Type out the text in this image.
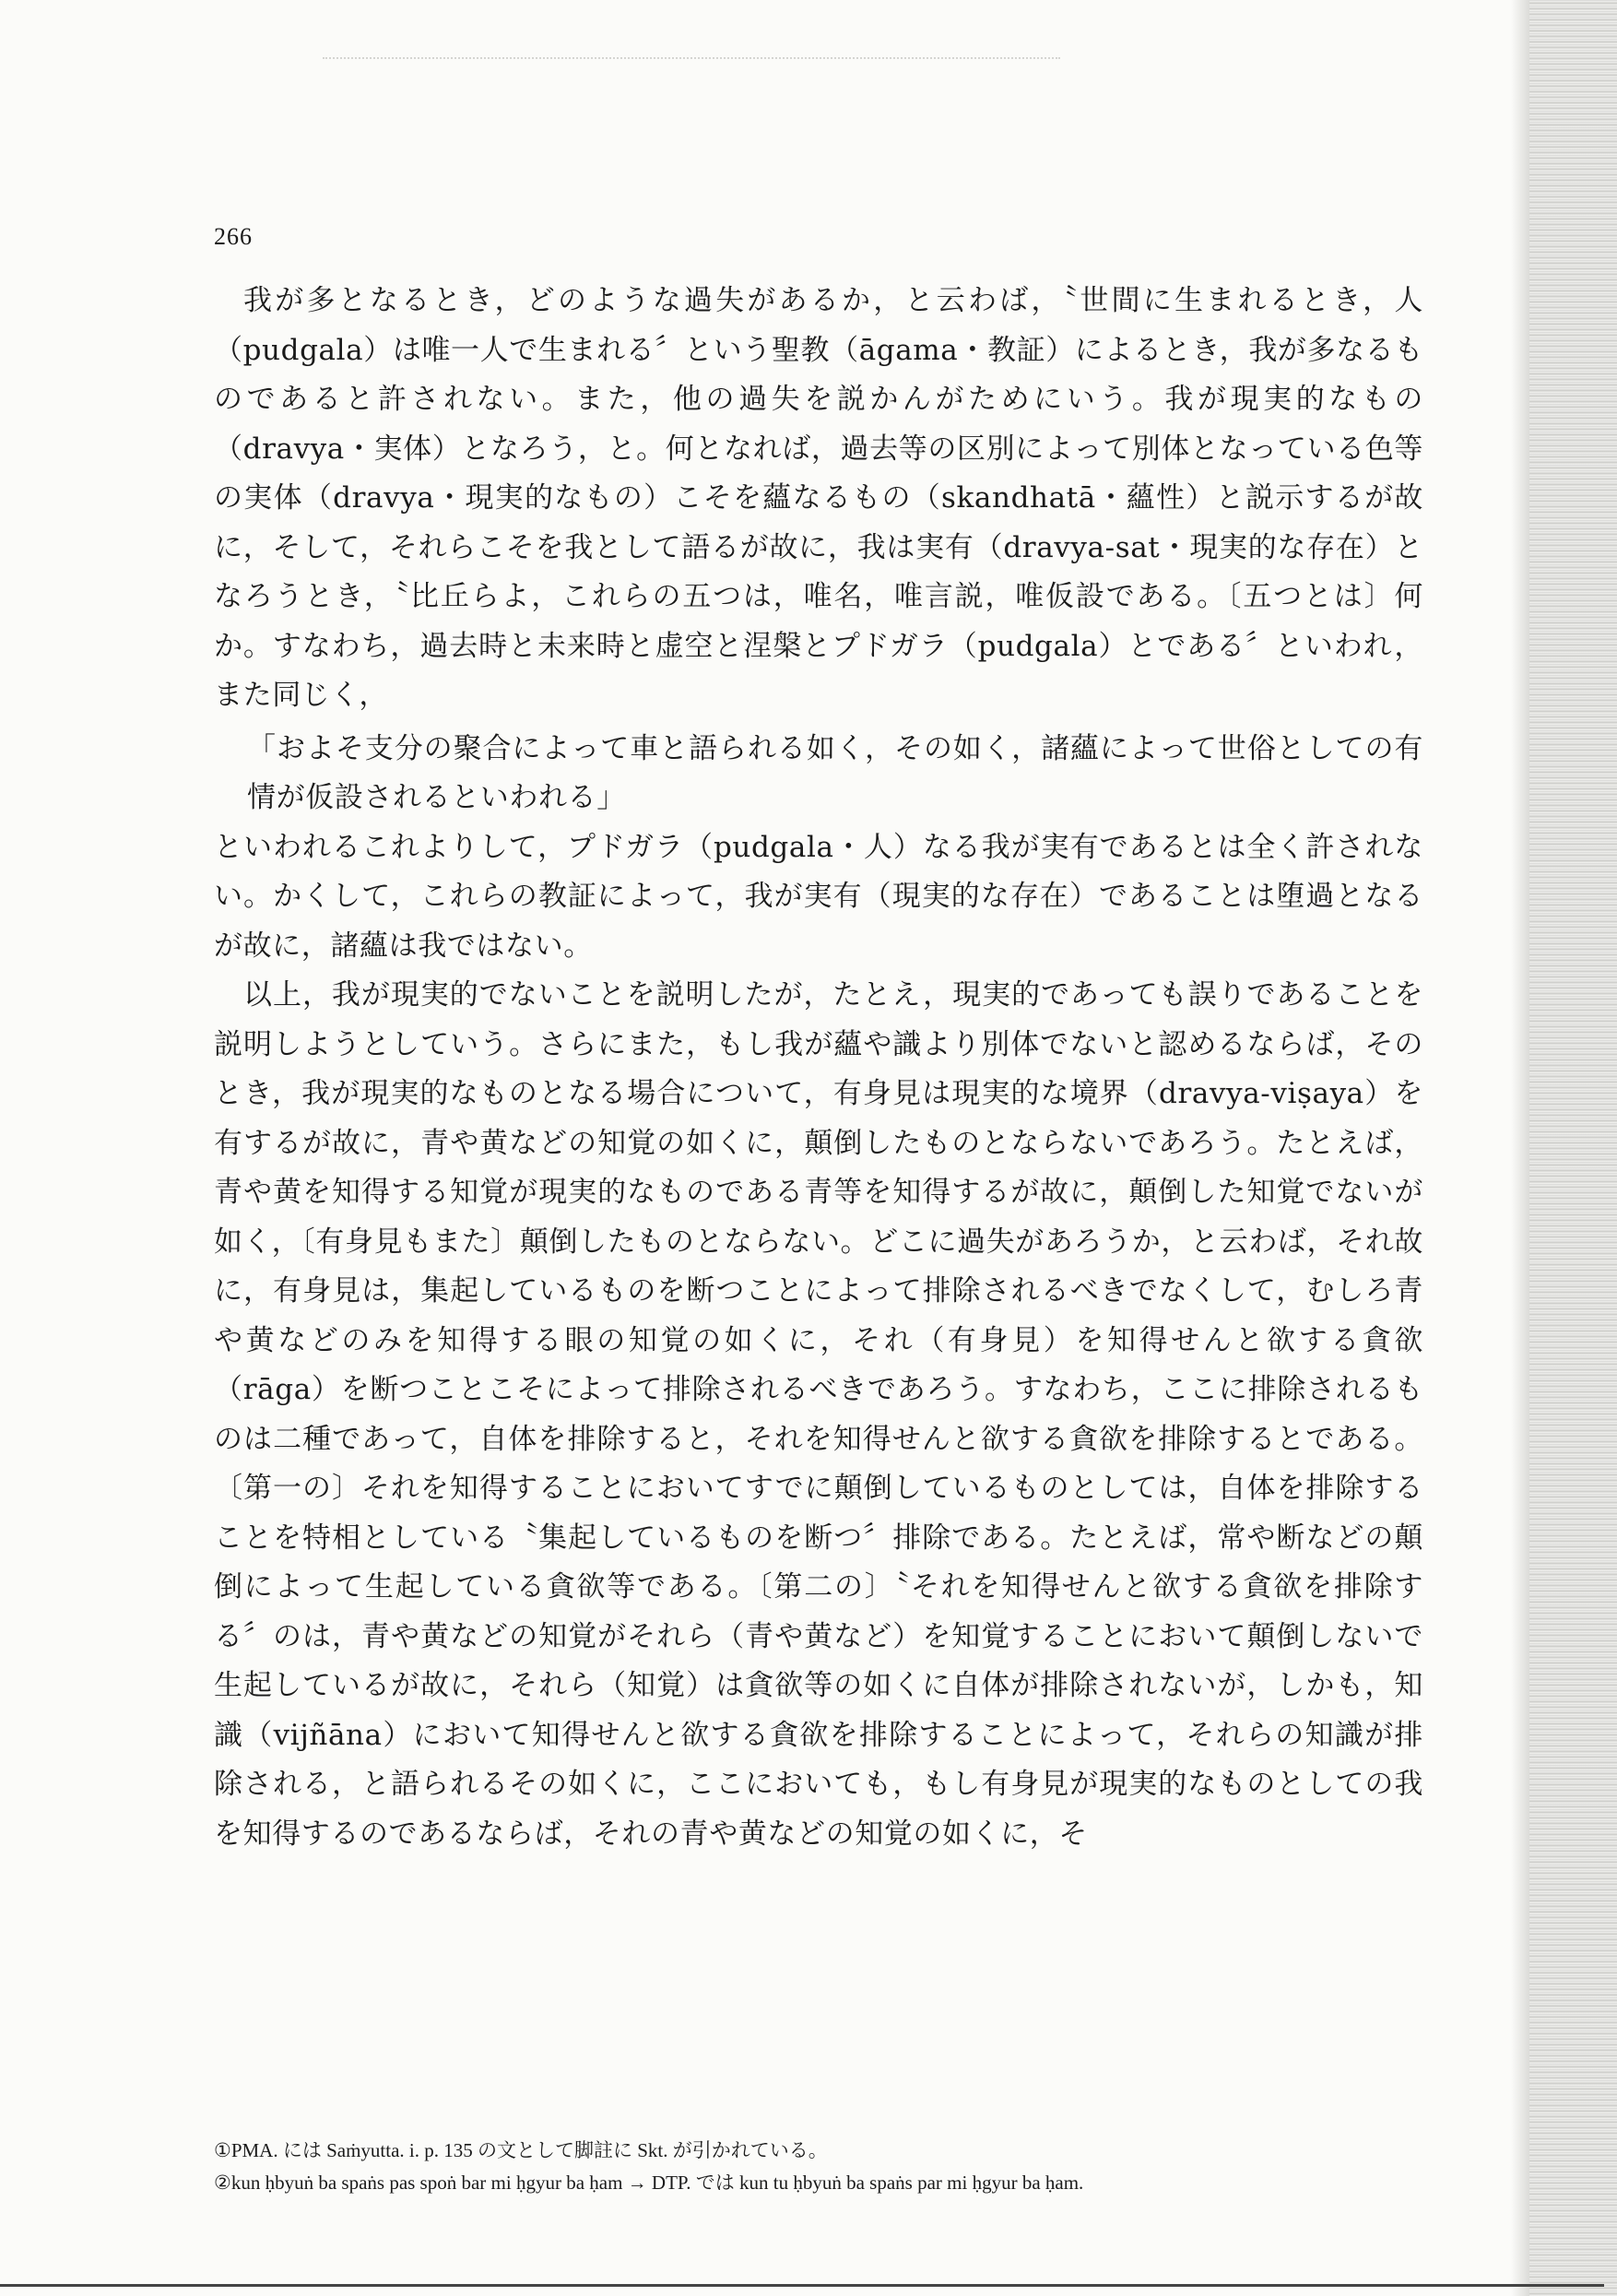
266

我が多となるとき，どのような過失があるか，と云わば，〝世間に生まれるとき，人（pudgala）は唯一人で生まれる〞という聖教（āgama・教証）によるとき，我が多なるものであると許されない。また，他の過失を説かんがためにいう。我が現実的なもの（dravya・実体）となろう，と。何となれば，過去等の区別によって別体となっている色等の実体（dravya・現実的なもの）こそを蘊なるもの（skandhatā・蘊性）と説示するが故に，そして，それらこそを我として語るが故に，我は実有（dravya-sat・現実的な存在）となろうとき，〝比丘らよ，これらの五つは，唯名，唯言説，唯仮設である。〔五つとは〕何か。すなわち，過去時と未来時と虚空と涅槃とプドガラ（pudgala）とである〞といわれ，また同じく，

「およそ支分の聚合によって車と語られる如く，その如く，諸蘊によって世俗としての有情が仮設されるといわれる」

といわれるこれよりして，プドガラ（pudgala・人）なる我が実有であるとは全く許されない。かくして，これらの教証によって，我が実有（現実的な存在）であることは堕過となるが故に，諸蘊は我ではない。

以上，我が現実的でないことを説明したが，たとえ，現実的であっても誤りであることを説明しようとしていう。さらにまた，もし我が蘊や識より別体でないと認めるならば，そのとき，我が現実的なものとなる場合について，有身見は現実的な境界（dravya-viṣaya）を有するが故に，青や黄などの知覚の如くに，顛倒したものとならないであろう。たとえば，青や黄を知得する知覚が現実的なものである青等を知得するが故に，顛倒した知覚でないが如く，〔有身見もまた〕顛倒したものとならない。どこに過失があろうか，と云わば，それ故に，有身見は，集起しているものを断つことによって排除されるべきでなくして，むしろ青や黄などのみを知得する眼の知覚の如くに，それ（有身見）を知得せんと欲する貪欲（rāga）を断つことこそによって排除されるべきであろう。すなわち，ここに排除されるものは二種であって，自体を排除すると，それを知得せんと欲する貪欲を排除するとである。〔第一の〕それを知得することにおいてすでに顛倒しているものとしては，自体を排除することを特相としている〝集起しているものを断つ〞排除である。たとえば，常や断などの顛倒によって生起している貪欲等である。〔第二の〕〝それを知得せんと欲する貪欲を排除する〞のは，青や黄などの知覚がそれら（青や黄など）を知覚することにおいて顛倒しないで生起しているが故に，それら（知覚）は貪欲等の如くに自体が排除されないが，しかも，知識（vijñāna）において知得せんと欲する貪欲を排除することによって，それらの知識が排除される，と語られるその如くに，ここにおいても，もし有身見が現実的なものとしての我を知得するのであるならば，それの青や黄などの知覚の如くに，そ

①PMA. には Saṁyutta. i. p. 135 の文として脚註に Skt. が引かれている。

②kun ḥbyuṅ ba spaṅs pas spoṅ bar mi ḥgyur ba ḥam → DTP. では kun tu ḥbyuṅ ba spaṅs par mi ḥgyur ba ḥam.
